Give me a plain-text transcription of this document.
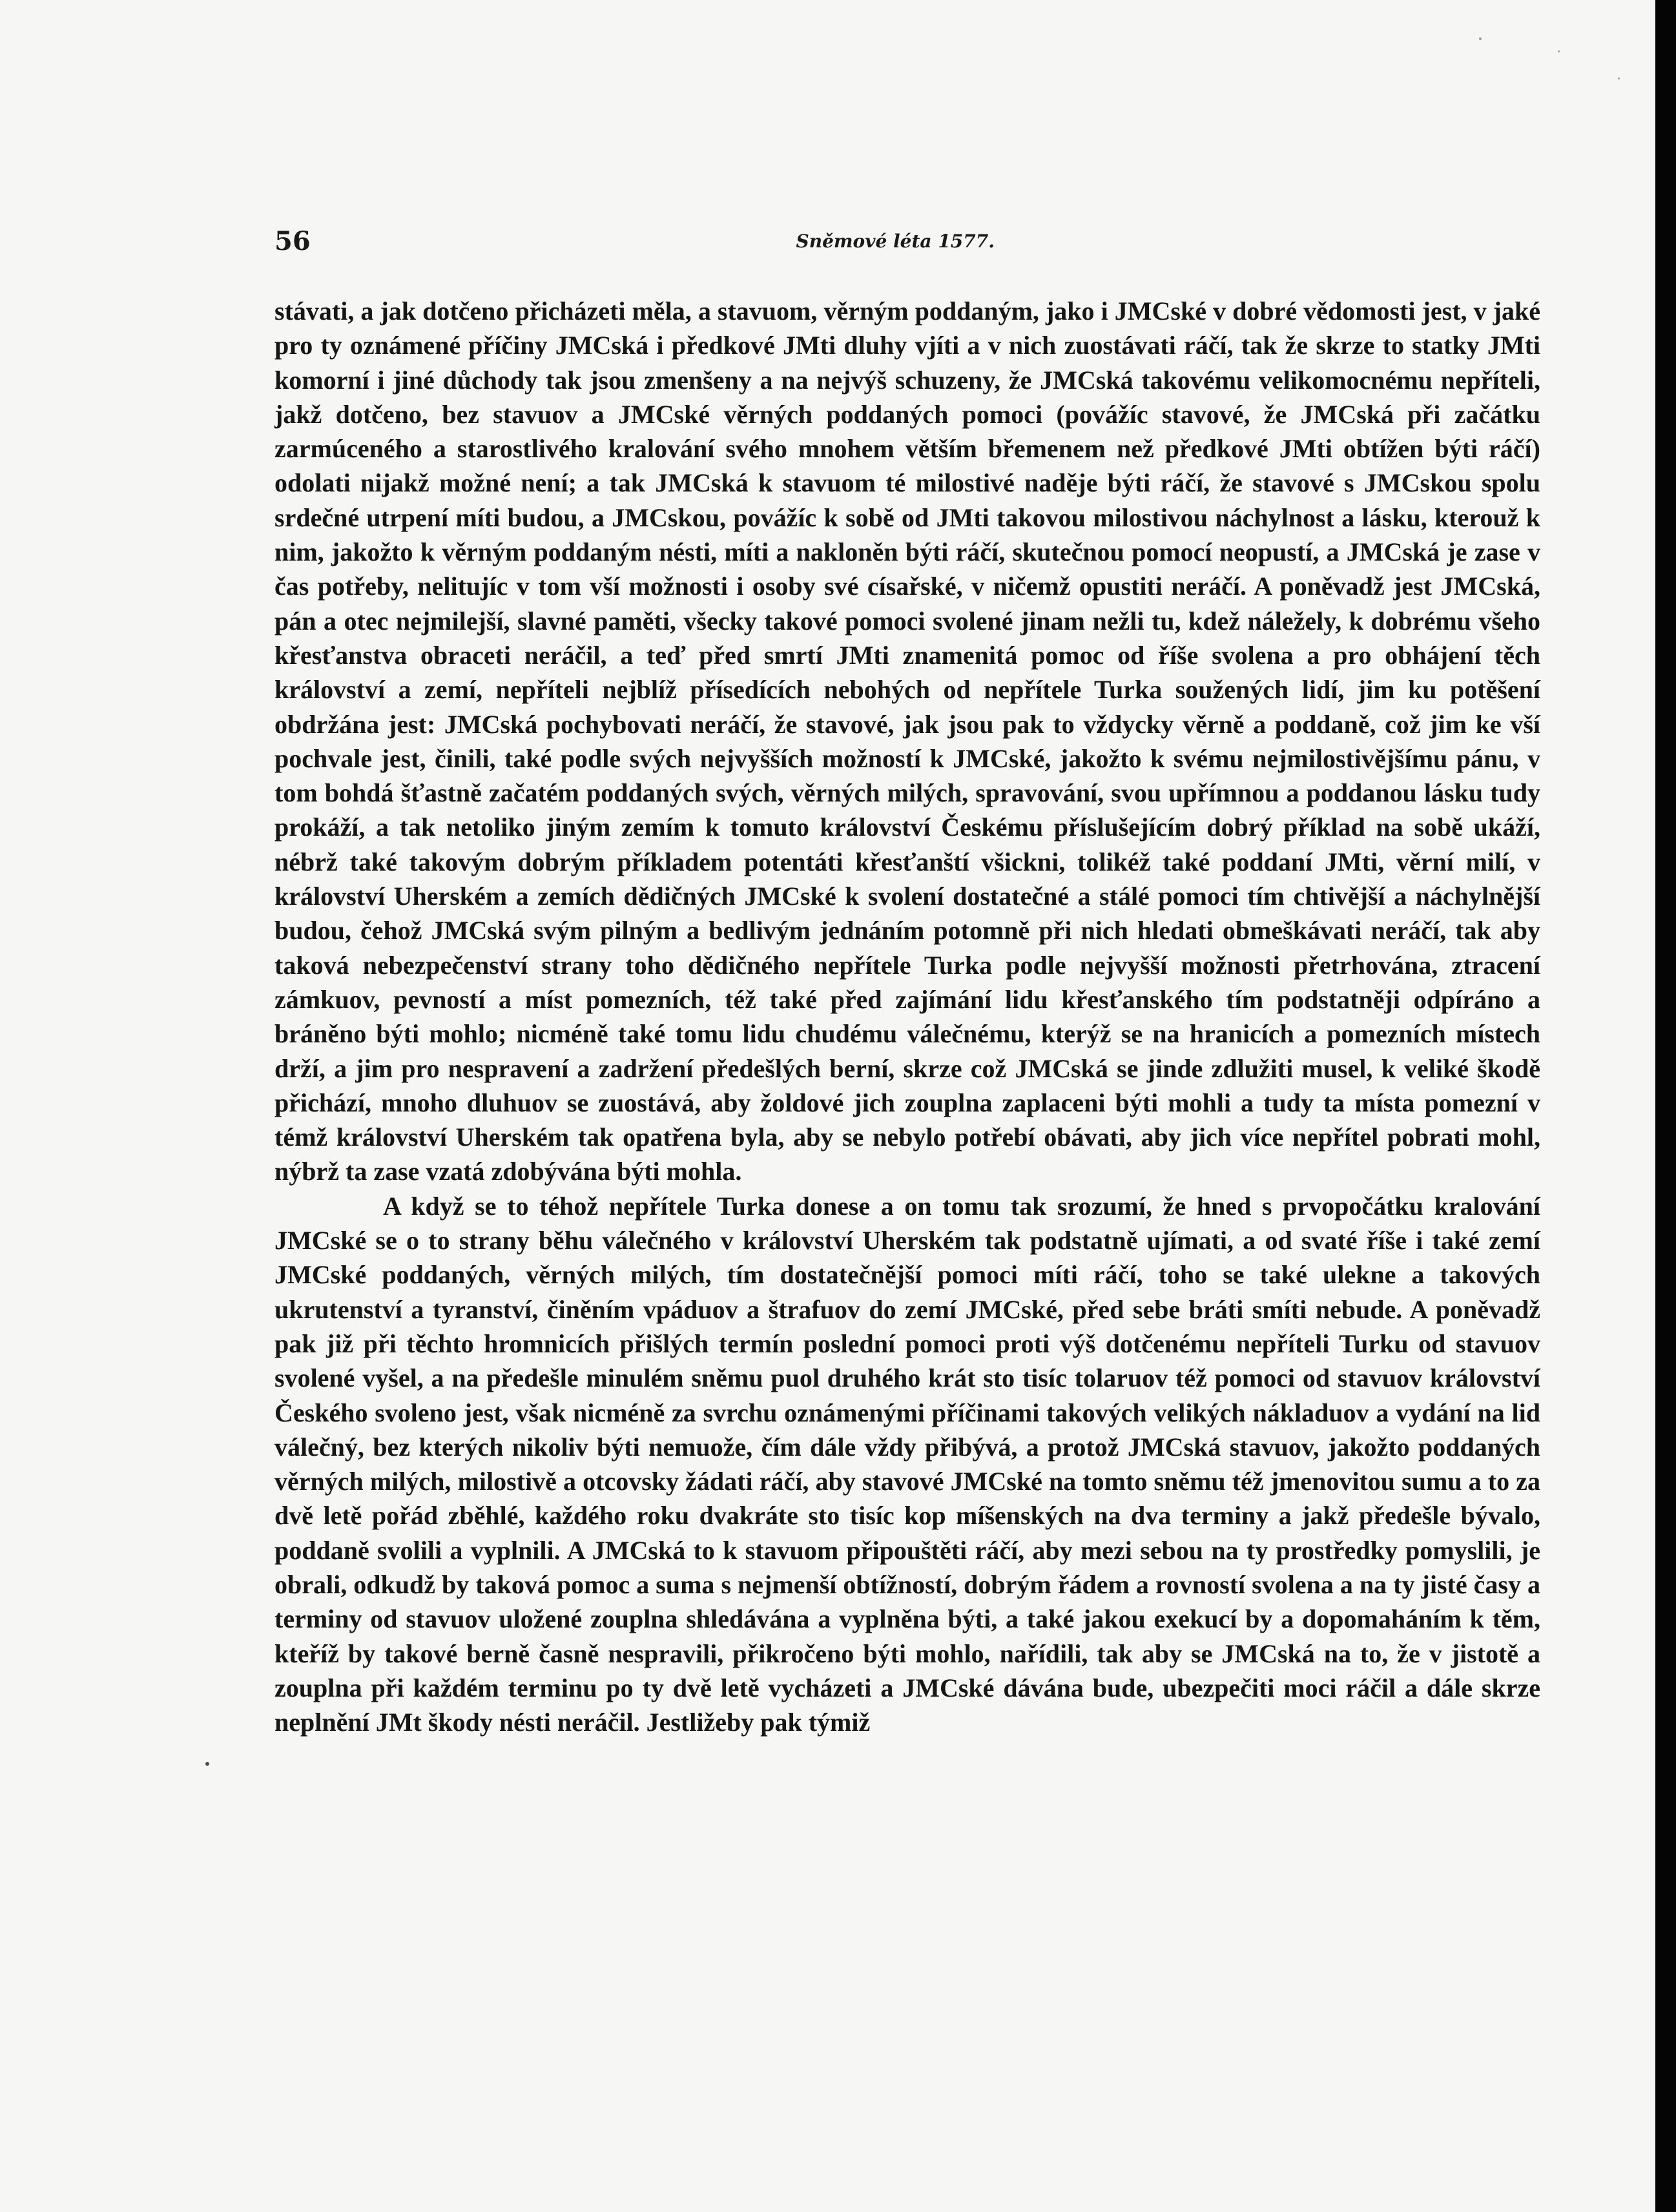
56	Sněmové léta 1577.

stávati, a jak dotčeno přicházeti měla, a stavuom, věrným poddaným, jako i JMCské v dobré vědomosti jest, v jaké pro ty oznámené příčiny JMCská i předkové JMti dluhy vjíti a v nich zuostávati ráčí, tak že skrze to statky JMti komorní i jiné důchody tak jsou zmenšeny a na nejvýš schuzeny, že JMCská takovému velikomocnému nepříteli, jakž dotčeno, bez stavuov a JMCské věrných poddaných pomoci (povážíc stavové, že JMCská při začátku zarmúceného a starostlivého kralování svého mnohem větším břemenem než předkové JMti obtížen býti ráčí) odolati nijakž možné není; a tak JMCská k stavuom té milostivé naděje býti ráčí, že stavové s JMCskou spolu srdečné utrpení míti budou, a JMCskou, povážíc k sobě od JMti takovou milostivou náchylnost a lásku, kterouž k nim, jakožto k věrným poddaným nésti, míti a nakloněn býti ráčí, skutečnou pomocí neopustí, a JMCská je zase v čas potřeby, nelitujíc v tom vší možnosti i osoby své císařské, v ničemž opustiti neráčí. A poněvadž jest JMCská, pán a otec nejmilejší, slavné paměti, všecky takové pomoci svolené jinam nežli tu, kdež náležely, k dobrému všeho křesťanstva obraceti neráčil, a teď před smrtí JMti znamenitá pomoc od říše svolena a pro obhájení těch království a zemí, nepříteli nejblíž přísedících nebohých od nepřítele Turka soužených lidí, jim ku potěšení obdržána jest: JMCská pochybovati neráčí, že stavové, jak jsou pak to vždycky věrně a poddaně, což jim ke vší pochvale jest, činili, také podle svých nejvyšších možností k JMCské, jakožto k svému nejmilostivějšímu pánu, v tom bohdá šťastně začatém poddaných svých, věrných milých, spravování, svou upřímnou a poddanou lásku tudy prokáží, a tak netoliko jiným zemím k tomuto království Českému příslušejícím dobrý příklad na sobě ukáží, nébrž také takovým dobrým příkladem potentáti křesťanští všickni, tolikéž také poddaní JMti, věrní milí, v království Uherském a zemích dědičných JMCské k svolení dostatečné a stálé pomoci tím chtivější a náchylnější budou, čehož JMCská svým pilným a bedlivým jednáním potomně při nich hledati obmeškávati neráčí, tak aby taková nebezpečenství strany toho dědičného nepřítele Turka podle nejvyšší možnosti přetrhována, ztracení zámkuov, pevností a míst pomezních, též také před zajímání lidu křesťanského tím podstatněji odpíráno a bráněno býti mohlo; nicméně také tomu lidu chudému válečnému, kterýž se na hranicích a pomezních místech drží, a jim pro nespravení a zadržení předešlých berní, skrze což JMCská se jinde zdlužiti musel, k veliké škodě přichází, mnoho dluhuov se zuostává, aby žoldové jich zouplna zaplaceni býti mohli a tudy ta místa pomezní v témž království Uherském tak opatřena byla, aby se nebylo potřebí obávati, aby jich více nepřítel pobrati mohl, nýbrž ta zase vzatá zdobývána býti mohla.

A když se to téhož nepřítele Turka donese a on tomu tak srozumí, že hned s prvopočátku kralování JMCské se o to strany běhu válečného v království Uherském tak podstatně ujímati, a od svaté říše i také zemí JMCské poddaných, věrných milých, tím dostatečnější pomoci míti ráčí, toho se také ulekne a takových ukrutenství a tyranství, činěním vpáduov a štrafuov do zemí JMCské, před sebe bráti smíti nebude. A poněvadž pak již při těchto hromnicích přišlých termín poslední pomoci proti výš dotčenému nepříteli Turku od stavuov svolené vyšel, a na předešle minulém sněmu puol druhého krát sto tisíc tolaruov též pomoci od stavuov království Českého svoleno jest, však nicméně za svrchu oznámenými příčinami takových velikých nákladuov a vydání na lid válečný, bez kterých nikoliv býti nemuože, čím dále vždy přibývá, a protož JMCská stavuov, jakožto poddaných věrných milých, milostivě a otcovsky žádati ráčí, aby stavové JMCské na tomto sněmu též jmenovitou sumu a to za dvě letě pořád zběhlé, každého roku dvakráte sto tisíc kop míšenských na dva terminy a jakž předešle bývalo, poddaně svolili a vyplnili. A JMCská to k stavuom připouštěti ráčí, aby mezi sebou na ty prostředky pomyslili, je obrali, odkudž by taková pomoc a suma s nejmenší obtížností, dobrým řádem a rovností svolena a na ty jisté časy a terminy od stavuov uložené zouplna shledávána a vyplněna býti, a také jakou exekucí by a dopomaháním k těm, kteříž by takové berně časně nespravili, přikročeno býti mohlo, nařídili, tak aby se JMCská na to, že v jistotě a zouplna při každém terminu po ty dvě letě vycházeti a JMCské dávána bude, ubezpečiti moci ráčil a dále skrze neplnění JMt škody nésti neráčil. Jestližeby pak týmiž
